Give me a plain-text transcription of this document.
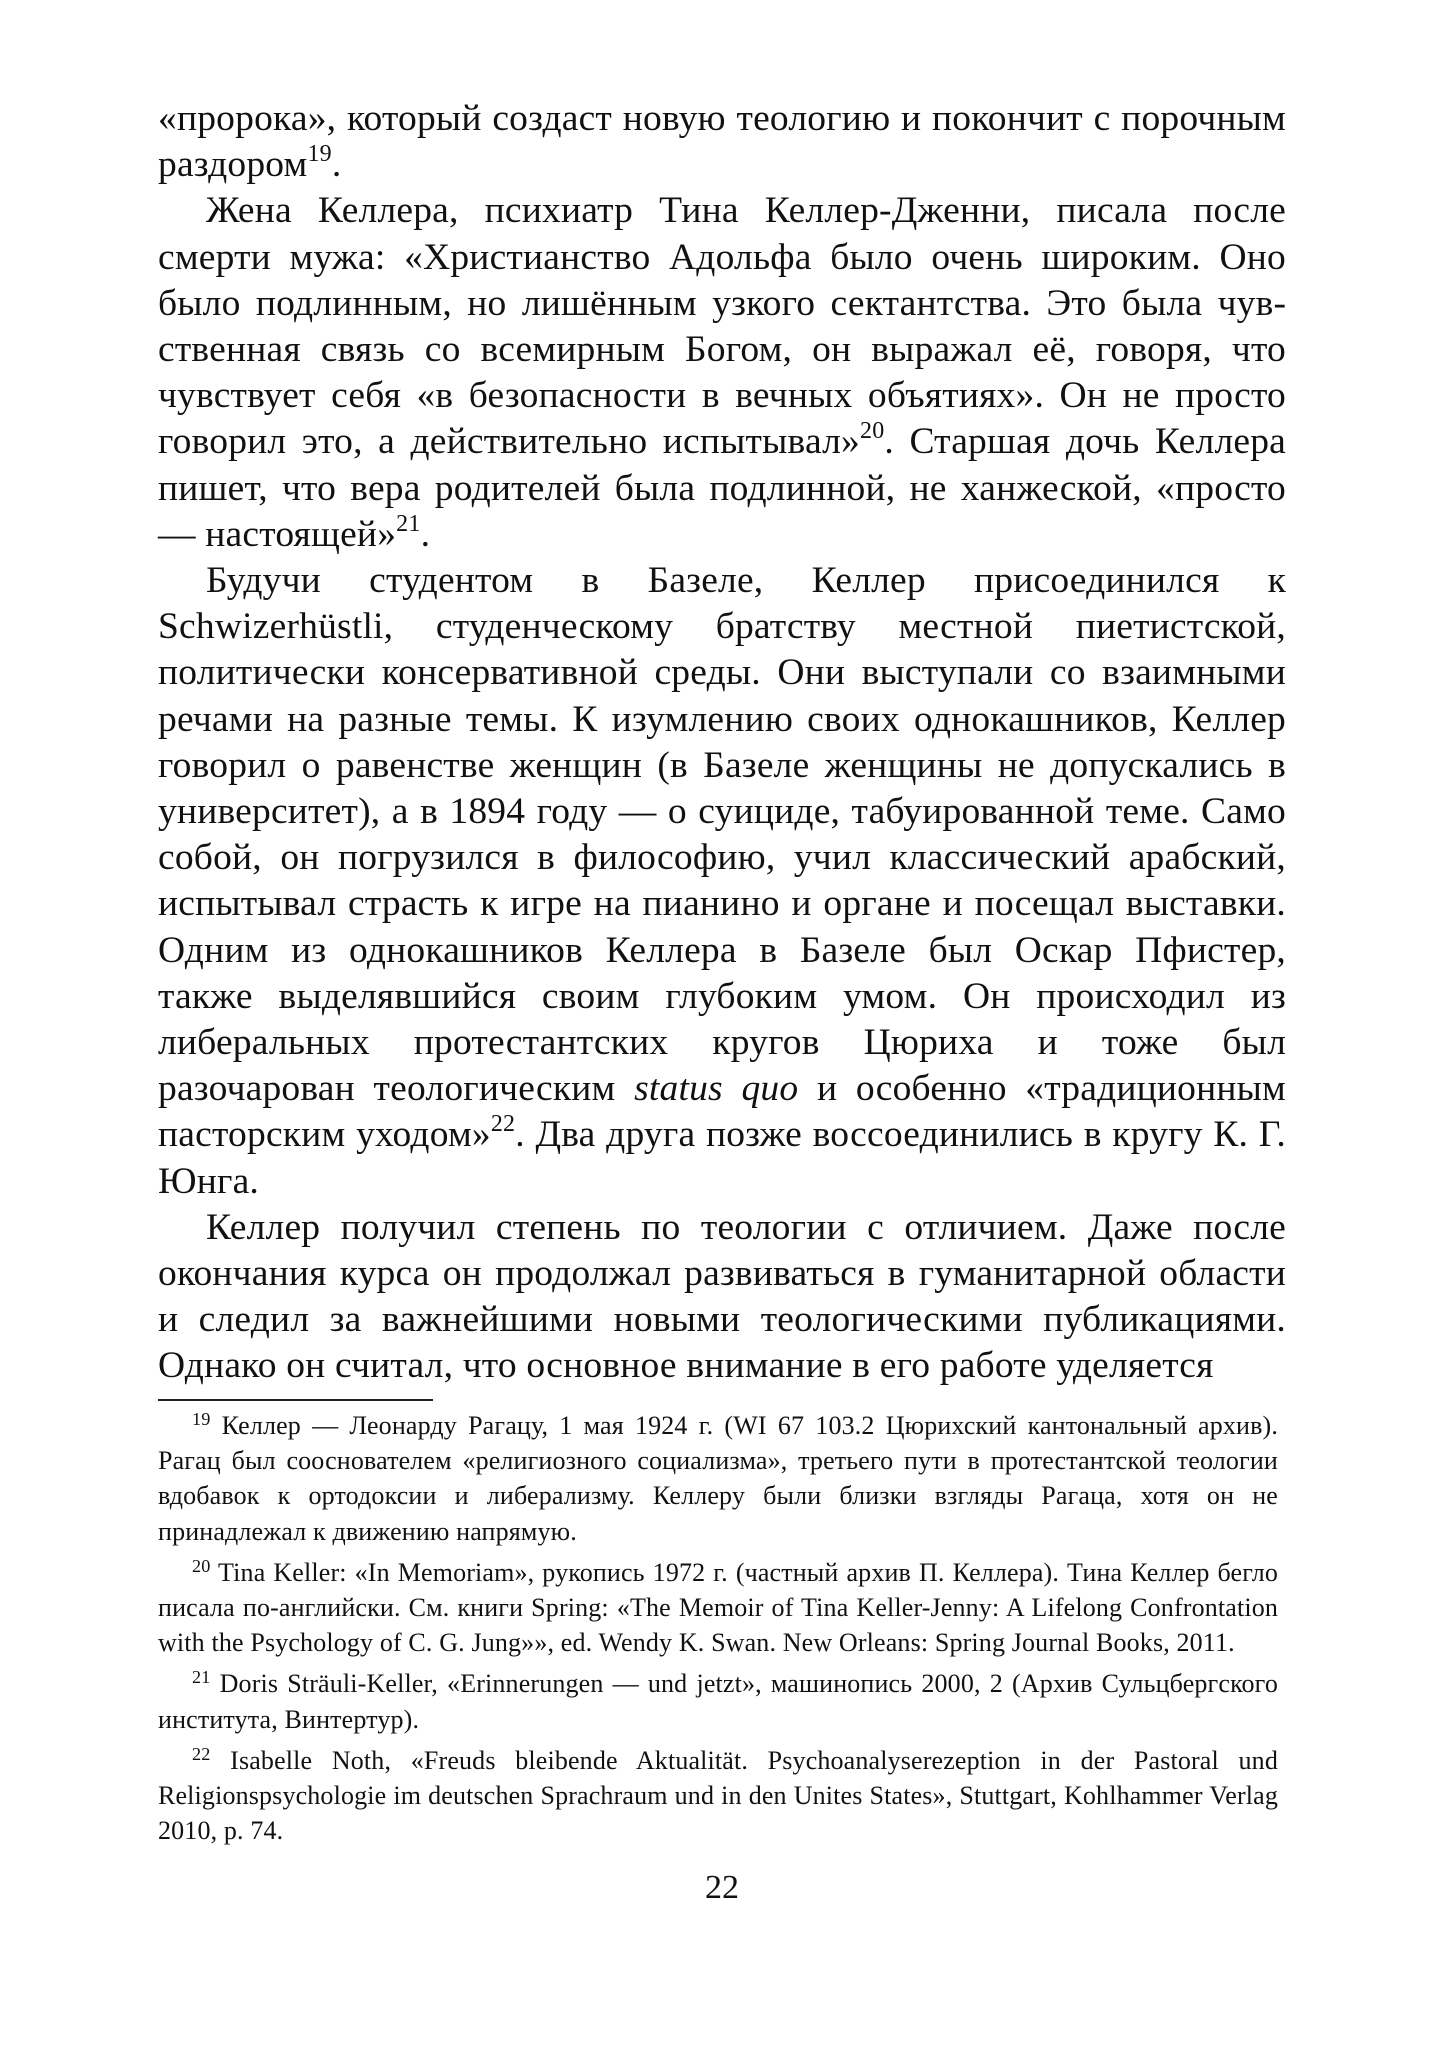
«пророка», который создаст новую теологию и покончит с порочным раздором$^{19}$.

Жена Келлера, психиатр Тина Келлер-Дженни, писала после смерти мужа: «Христианство Адольфа было очень широким. Оно было подлинным, но лишённым узкого сектантства. Это была чувственная связь со всемирным Богом, он выражал её, говоря, что чувствует себя «в безопасности в вечных объятиях». Он не просто говорил это, а действительно испытывал»$^{20}$. Старшая дочь Келлера пишет, что вера родителей была подлинной, не ханжеской, «просто — настоящей»$^{21}$.

Будучи студентом в Базеле, Келлер присоединился к Schwizerhüstli, студенческому братству местной пиетистской, политически консервативной среды. Они выступали со взаимными речами на разные темы. К изумлению своих однокашников, Келлер говорил о равенстве женщин (в Базеле женщины не допускались в университет), а в 1894 году — о суициде, табуированной теме. Само собой, он погрузился в философию, учил классический арабский, испытывал страсть к игре на пианино и органе и посещал выставки. Одним из однокашников Келлера в Базеле был Оскар Пфистер, также выделявшийся своим глубоким умом. Он происходил из либеральных протестантских кругов Цюриха и тоже был разочарован теологическим status quo и особенно «традиционным пасторским уходом»$^{22}$. Два друга позже воссоединились в кругу К. Г. Юнга.

Келлер получил степень по теологии с отличием. Даже после окончания курса он продолжал развиваться в гуманитарной области и следил за важнейшими новыми теологическими публикациями. Однако он считал, что основное внимание в его работе уделяется

$^{19}$ Келлер — Леонарду Рагацу, 1 мая 1924 г. (WI 67 103.2 Цюрихский кантональный архив). Рагац был сооснователем «религиозного социализма», третьего пути в протестантской теологии вдобавок к ортодоксии и либерализму. Келлеру были близки взгляды Рагаца, хотя он не принадлежал к движению напрямую.

$^{20}$ Tina Keller: «In Memoriam», рукопись 1972 г. (частный архив П. Келлера). Тина Келлер бегло писала по-английски. См. книги Spring: «The Memoir of Tina Keller-Jenny: A Lifelong Confrontation with the Psychology of C. G. Jung»», ed. Wendy K. Swan. New Orleans: Spring Journal Books, 2011.

$^{21}$ Doris Sträuli-Keller, «Erinnerungen — und jetzt», машинопись 2000, 2 (Архив Сульцбергского института, Винтертур).

$^{22}$ Isabelle Noth, «Freuds bleibende Aktualität. Psychoanalyserezeption in der Pastoral und Religionspsychologie im deutschen Sprachraum und in den Unites States», Stuttgart, Kohlhammer Verlag 2010, p. 74.

22
